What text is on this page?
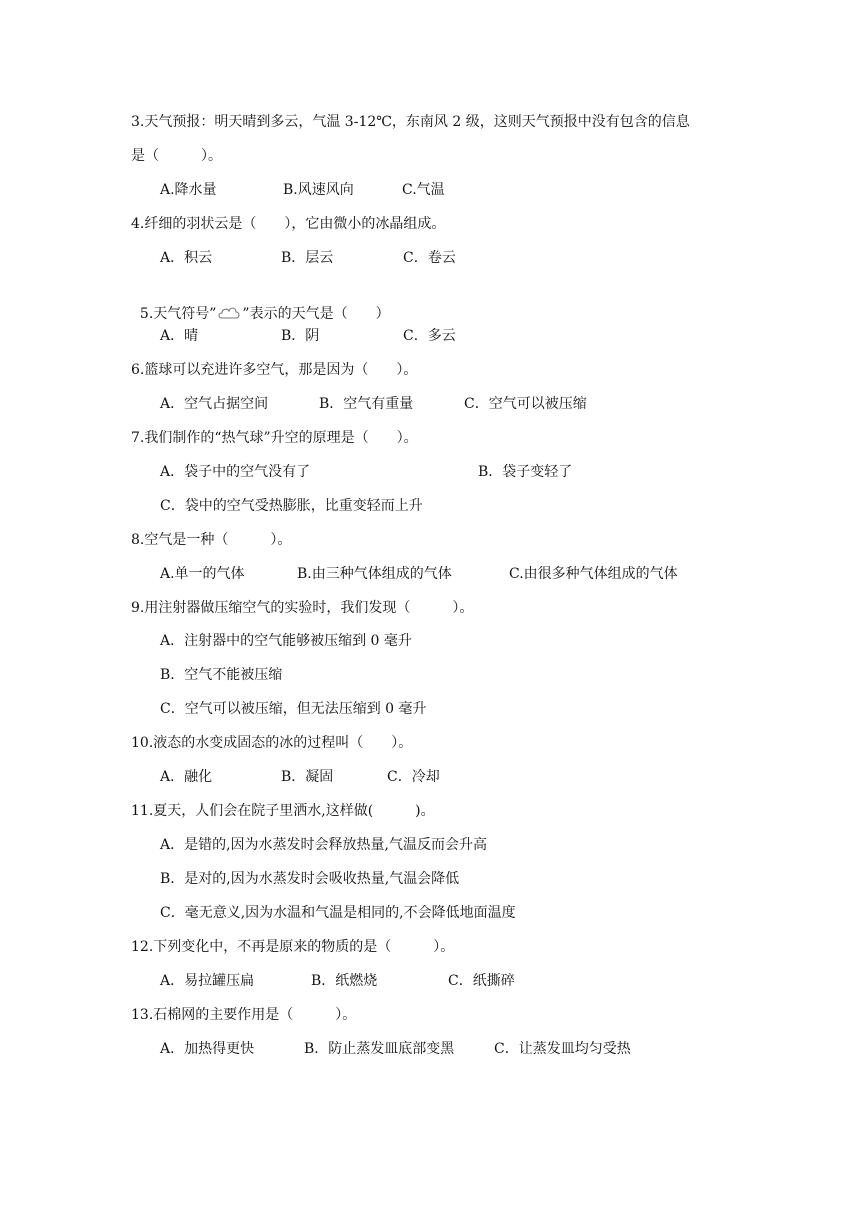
3.天气预报：明天晴到多云，气温 3-12℃，东南风 2 级，这则天气预报中没有包含的信息
是（　　　）。
A.降水量	B.风速风向	C.气温
4.纤细的羽状云是（　　），它由微小的冰晶组成。
A．积云	B．层云	C．卷云

5.天气符号” ”表示的天气是（　　）

A．晴	B．阴	C．多云
6.篮球可以充进许多空气，那是因为（　　）。
A．空气占据空间	B．空气有重量	C．空气可以被压缩
7.我们制作的“热气球”升空的原理是（　　）。
A．袋子中的空气没有了	B．袋子变轻了
C．袋中的空气受热膨胀，比重变轻而上升
8.空气是一种（　　　）。
A.单一的气体	B.由三种气体组成的气体	C.由很多种气体组成的气体
9.用注射器做压缩空气的实验时，我们发现（　　　）。
A．注射器中的空气能够被压缩到 0 毫升
B．空气不能被压缩
C．空气可以被压缩，但无法压缩到 0 毫升
10.液态的水变成固态的冰的过程叫（　　）。
A．融化	B．凝固	C．冷却
11.夏天，人们会在院子里洒水,这样做(　　　)。
A．是错的,因为水蒸发时会释放热量,气温反而会升高
B．是对的,因为水蒸发时会吸收热量,气温会降低
C．毫无意义,因为水温和气温是相同的,不会降低地面温度
12.下列变化中，不再是原来的物质的是（　　　）。
A．易拉罐压扁	B．纸燃烧	C．纸撕碎
13.石棉网的主要作用是（　　　）。
A．加热得更快	B．防止蒸发皿底部变黑	C．让蒸发皿均匀受热
